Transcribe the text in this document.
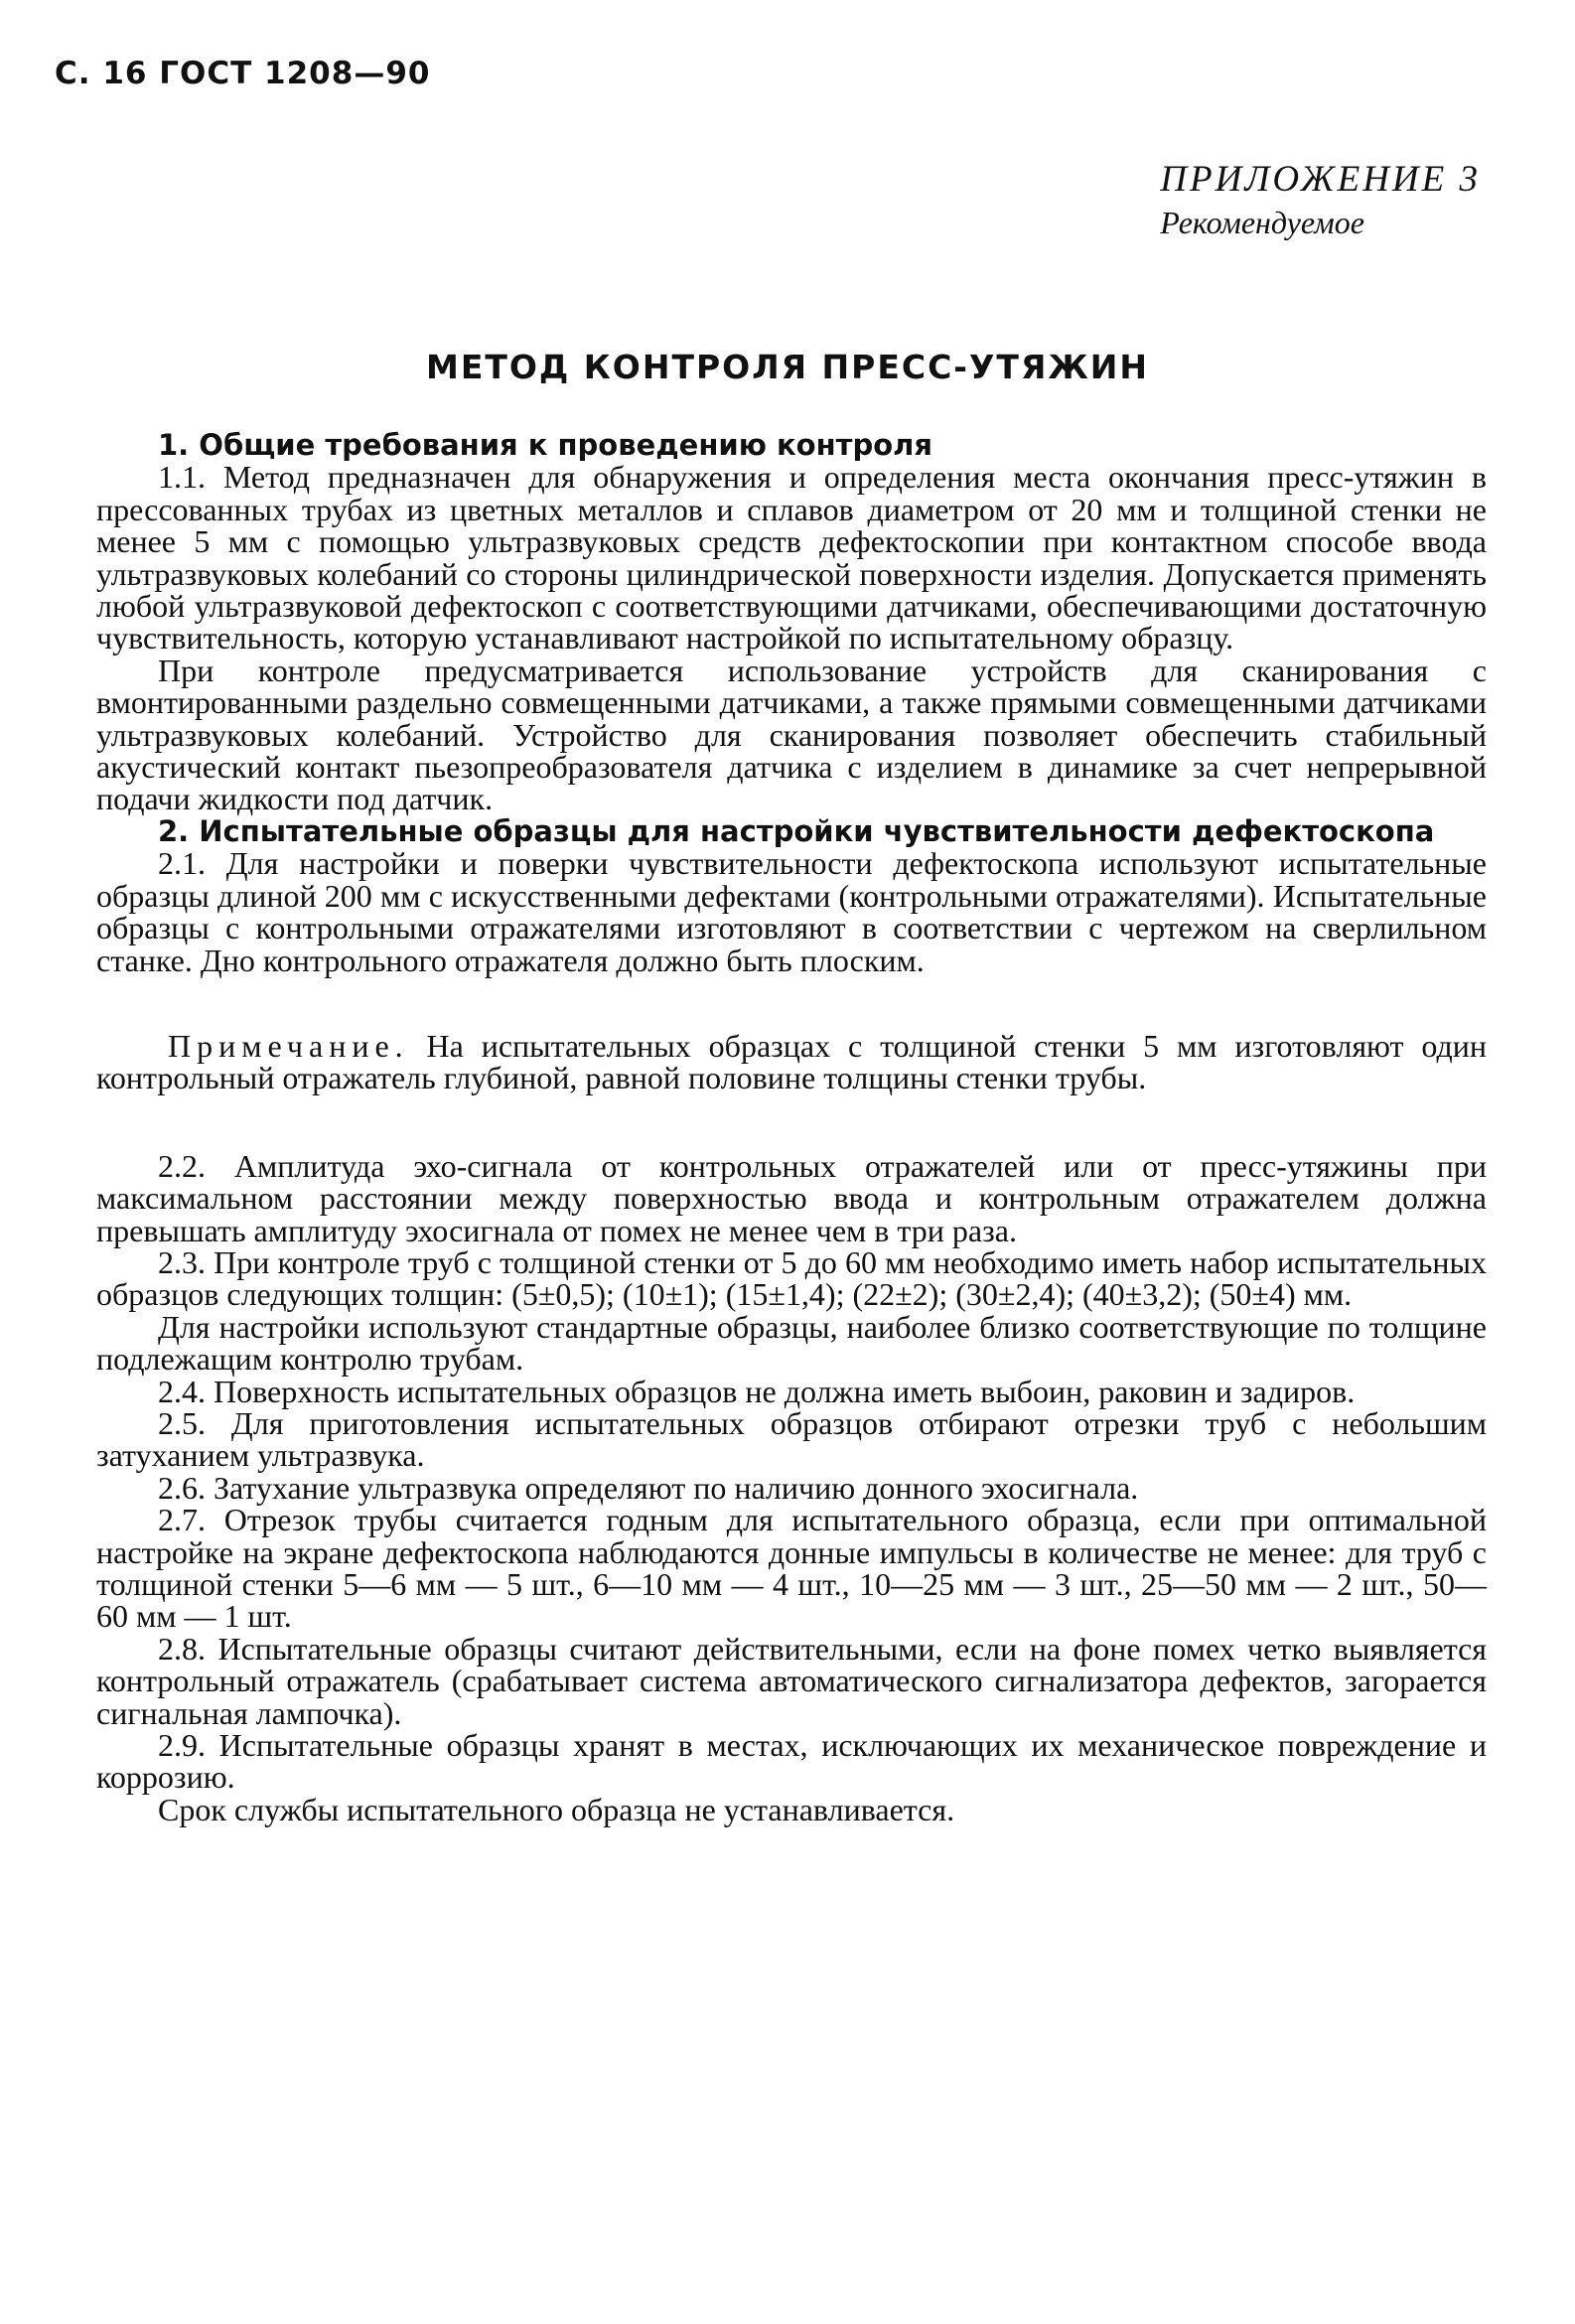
С. 16 ГОСТ 1208—90
ПРИЛОЖЕНИЕ 3
Рекомендуемое
МЕТОД КОНТРОЛЯ ПРЕСС-УТЯЖИН
1. Общие требования к проведению контроля

1.1. Метод предназначен для обнаружения и определения места окончания пресс-утяжин в прессованных трубах из цветных металлов и сплавов диаметром от 20 мм и толщиной стенки не менее 5 мм с помощью ультразвуковых средств дефектоскопии при контактном способе ввода ультразвуковых колебаний со стороны цилиндрической поверхности изделия. Допускается применять любой ультразвуковой дефектоскоп с соответствующими датчиками, обеспечивающими достаточную чувствительность, которую устанавливают настройкой по испытательному образцу.

При контроле предусматривается использование устройств для сканирования с вмонтированными раздельно совмещенными датчиками, а также прямыми совмещенными датчиками ультразвуковых колебаний. Устройство для сканирования позволяет обеспечить стабильный акустический контакт пьезопреобразователя датчика с изделием в динамике за счет непрерывной подачи жидкости под датчик.

2. Испытательные образцы для настройки чувствительности дефектоскопа

2.1. Для настройки и поверки чувствительности дефектоскопа используют испытательные образцы длиной 200 мм с искусственными дефектами (контрольными отражателями). Испытательные образцы с контрольными отражателями изготовляют в соответствии с чертежом на сверлильном станке. Дно контрольного отражателя должно быть плоским.

Примечание. На испытательных образцах с толщиной стенки 5 мм изготовляют один контрольный отражатель глубиной, равной половине толщины стенки трубы.

2.2. Амплитуда эхо-сигнала от контрольных отражателей или от пресс-утяжины при максимальном расстоянии между поверхностью ввода и контрольным отражателем должна превышать амплитуду эхосигнала от помех не менее чем в три раза.

2.3. При контроле труб с толщиной стенки от 5 до 60 мм необходимо иметь набор испытательных образцов следующих толщин: (5±0,5); (10±1); (15±1,4); (22±2); (30±2,4); (40±3,2); (50±4) мм.

Для настройки используют стандартные образцы, наиболее близко соответствующие по толщине подлежащим контролю трубам.

2.4. Поверхность испытательных образцов не должна иметь выбоин, раковин и задиров.

2.5. Для приготовления испытательных образцов отбирают отрезки труб с небольшим затуханием ультразвука.

2.6. Затухание ультразвука определяют по наличию донного эхосигнала.

2.7. Отрезок трубы считается годным для испытательного образца, если при оптимальной настройке на экране дефектоскопа наблюдаются донные импульсы в количестве не менее: для труб с толщиной стенки 5—6 мм — 5 шт., 6—10 мм — 4 шт., 10—25 мм — 3 шт., 25—50 мм — 2 шт., 50—60 мм — 1 шт.

2.8. Испытательные образцы считают действительными, если на фоне помех четко выявляется контрольный отражатель (срабатывает система автоматического сигнализатора дефектов, загорается сигнальная лампочка).

2.9. Испытательные образцы хранят в местах, исключающих их механическое повреждение и коррозию.

Срок службы испытательного образца не устанавливается.
